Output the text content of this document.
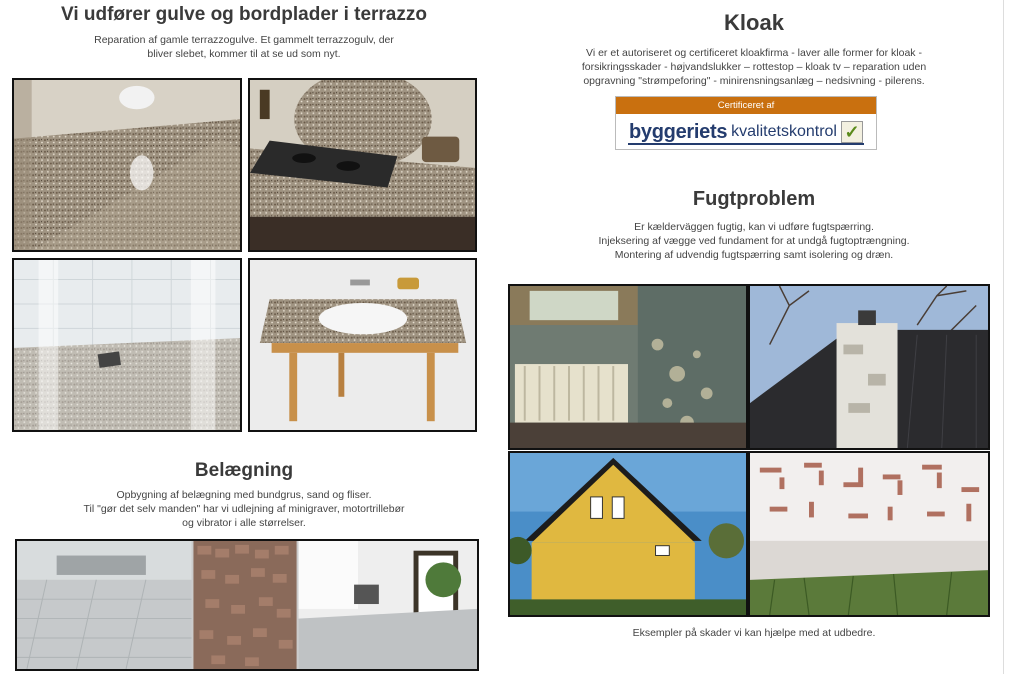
Vi udfører gulve og bordplader i terrazzo

Reparation af gamle terrazzogulve. Et gammelt terrazzogulv, der

bliver slebet, kommer til at se ud som nyt.

Belægning

Opbygning af belægning med bundgrus, sand og fliser.

Til "gør det selv manden" har vi udlejning af minigraver, motortrillebør

og vibrator i alle størrelser.

Kloak

Vi er et autoriseret og certificeret kloakfirma - laver alle former for kloak -

forsikringsskader - højvandslukker – rottestop – kloak tv – reparation uden

opgravning "strømpeforing" - minirensningsanlæg – nedsivning - pilerens.

Certificeret af
byggeriets kvalitetskontrol ✓
Fugtproblem

Er kælderväggen fugtig, kan vi udføre fugtspærring.

Injeksering af vægge ved fundament for at undgå fugtoptrængning.

Montering af udvendig fugtspærring samt isolering og dræn.

Eksempler på skader vi kan hjælpe med at udbedre.
